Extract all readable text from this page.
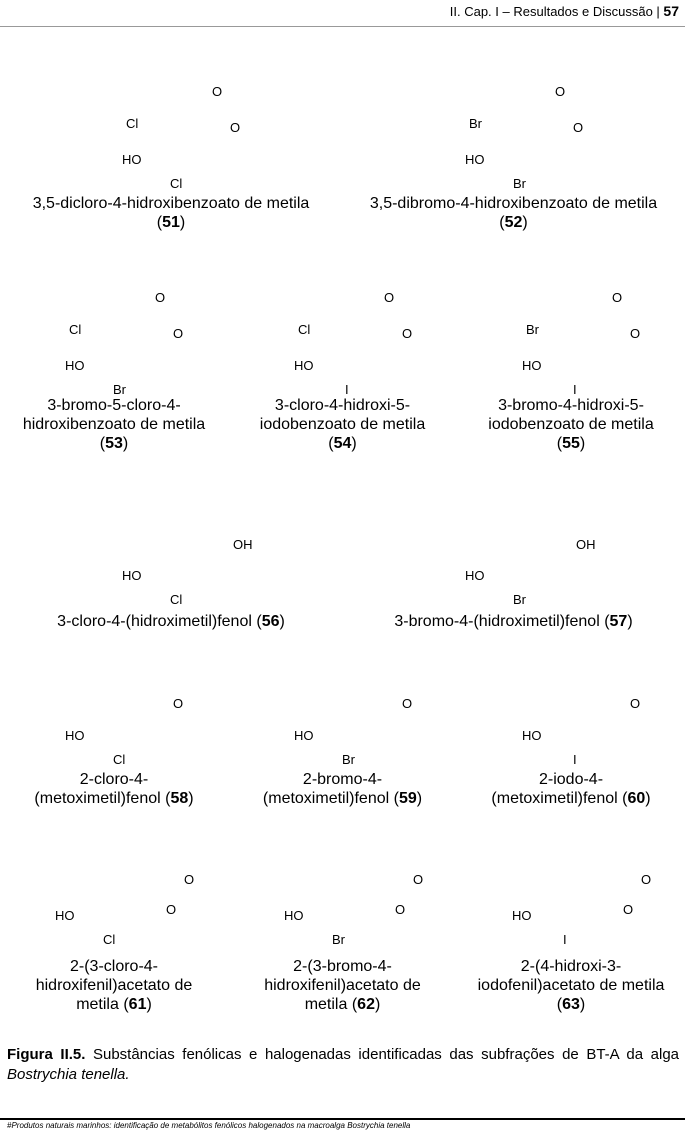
II. Cap. I – Resultados e Discussão | 57
O
Cl	O
HO
Cl
3,5-dicloro-4-hidroxibenzoato de metila
(51)
O
Br	O
HO
Br
3,5-dibromo-4-hidroxibenzoato de metila
(52)
O
Cl	O
HO
Br
3-bromo-5-cloro-4-
hidroxibenzoato de metila
(53)
O
Cl	O
HO
I
3-cloro-4-hidroxi-5-
iodobenzoato de metila
(54)
O
Br	O
HO
I
3-bromo-4-hidroxi-5-
iodobenzoato de metila
(55)
OH
HO
Cl
3-cloro-4-(hidroximetil)fenol (56)
OH
HO
Br
3-bromo-4-(hidroximetil)fenol (57)
O
HO
Cl
2-cloro-4-
(metoximetil)fenol (58)
O
HO
Br
2-bromo-4-
(metoximetil)fenol (59)
O
HO
I
2-iodo-4-
(metoximetil)fenol (60)
O
HO	O
Cl
2-(3-cloro-4-
hidroxifenil)acetato de
metila (61)
O
HO	O
Br
2-(3-bromo-4-
hidroxifenil)acetato de
metila (62)
O
HO	O
I
2-(4-hidroxi-3-
iodofenil)acetato de metila
(63)
Figura II.5. Substâncias fenólicas e halogenadas identificadas das subfrações de BT-A da alga Bostrychia tenella.
#Produtos naturais marinhos: identificação de metabólitos fenólicos halogenados na macroalga Bostrychia tenella
